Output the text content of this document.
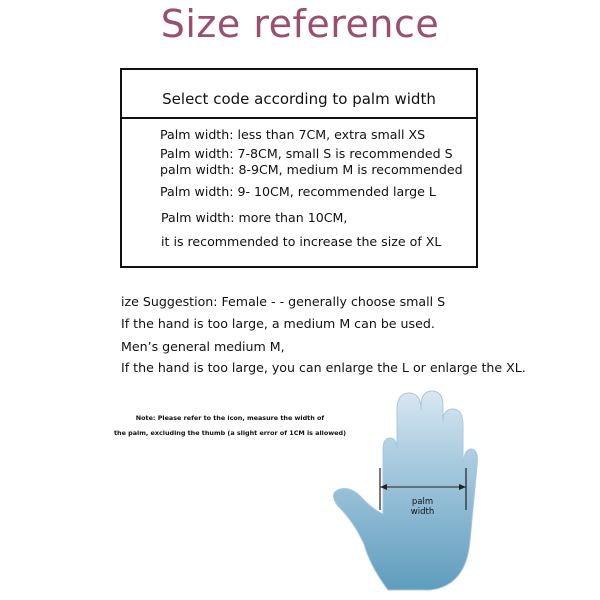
Size reference
Select code according to palm width
Palm width: less than 7CM, extra small XS
Palm width: 7-8CM, small S is recommended S
palm width: 8-9CM, medium M is recommended
Palm width: 9- 10CM, recommended large L
Palm width: more than 10CM,
it is recommended to increase the size of XL
ize Suggestion: Female - - generally choose small S
If the hand is too large, a medium M can be used.
Men’s general medium M,
If the hand is too large, you can enlarge the L or enlarge the XL.
Note: Please refer to the icon, measure the width of
the palm, excluding the thumb (a slight error of 1CM is allowed)
palm width
